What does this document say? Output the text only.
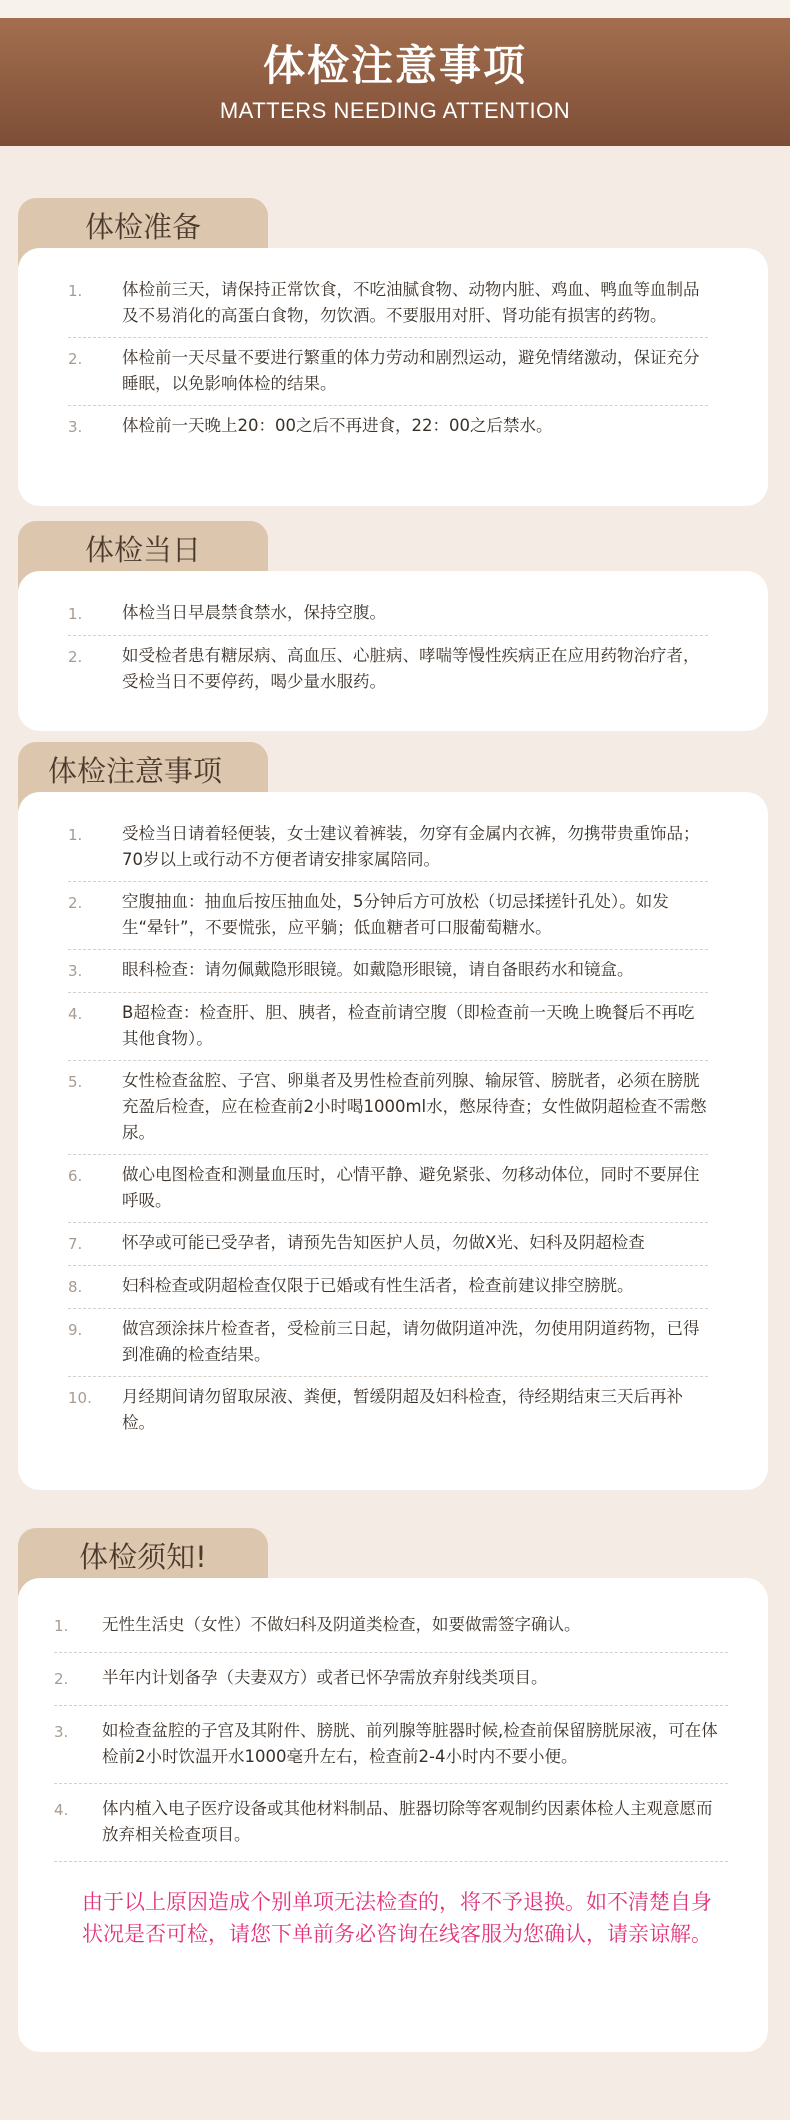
体检注意事项
MATTERS NEEDING ATTENTION
体检准备
1.	体检前三天，请保持正常饮食，不吃油腻食物、动物内脏、鸡血、鸭血等血制品及不易消化的高蛋白食物，勿饮酒。不要服用对肝、肾功能有损害的药物。
2.	体检前一天尽量不要进行繁重的体力劳动和剧烈运动，避免情绪激动，保证充分睡眠，以免影响体检的结果。
3.	体检前一天晚上20：00之后不再进食，22：00之后禁水。
体检当日
1.	体检当日早晨禁食禁水，保持空腹。
2.	如受检者患有糖尿病、高血压、心脏病、哮喘等慢性疾病正在应用药物治疗者，受检当日不要停药，喝少量水服药。
体检注意事项
1.	受检当日请着轻便装，女士建议着裤装，勿穿有金属内衣裤，勿携带贵重饰品；70岁以上或行动不方便者请安排家属陪同。
2.	空腹抽血：抽血后按压抽血处，5分钟后方可放松（切忌揉搓针孔处）。如发生“晕针”，不要慌张，应平躺；低血糖者可口服葡萄糖水。
3.	眼科检查：请勿佩戴隐形眼镜。如戴隐形眼镜，请自备眼药水和镜盒。
4.	B超检查：检查肝、胆、胰者，检查前请空腹（即检查前一天晚上晚餐后不再吃其他食物）。
5.	女性检查盆腔、子宫、卵巢者及男性检查前列腺、输尿管、膀胱者，必须在膀胱充盈后检查，应在检查前2小时喝1000ml水，憋尿待查；女性做阴超检查不需憋尿。
6.	做心电图检查和测量血压时，心情平静、避免紧张、勿移动体位，同时不要屏住呼吸。
7.	怀孕或可能已受孕者，请预先告知医护人员，勿做X光、妇科及阴超检查
8.	妇科检查或阴超检查仅限于已婚或有性生活者，检查前建议排空膀胱。
9.	做宫颈涂抹片检查者，受检前三日起，请勿做阴道冲洗，勿使用阴道药物，已得到准确的检查结果。
10.	月经期间请勿留取尿液、粪便，暂缓阴超及妇科检查，待经期结束三天后再补检。
体检须知!
1.	无性生活史（女性）不做妇科及阴道类检查，如要做需签字确认。
2.	半年内计划备孕（夫妻双方）或者已怀孕需放弃射线类项目。
3.	如检查盆腔的子宫及其附件、膀胱、前列腺等脏器时候,检查前保留膀胱尿液，可在体检前2小时饮温开水1000毫升左右，检查前2-4小时内不要小便。
4.	体内植入电子医疗设备或其他材料制品、脏器切除等客观制约因素体检人主观意愿而放弃相关检查项目。
由于以上原因造成个别单项无法检查的，将不予退换。如不清楚自身状况是否可检，请您下单前务必咨询在线客服为您确认，请亲谅解。
